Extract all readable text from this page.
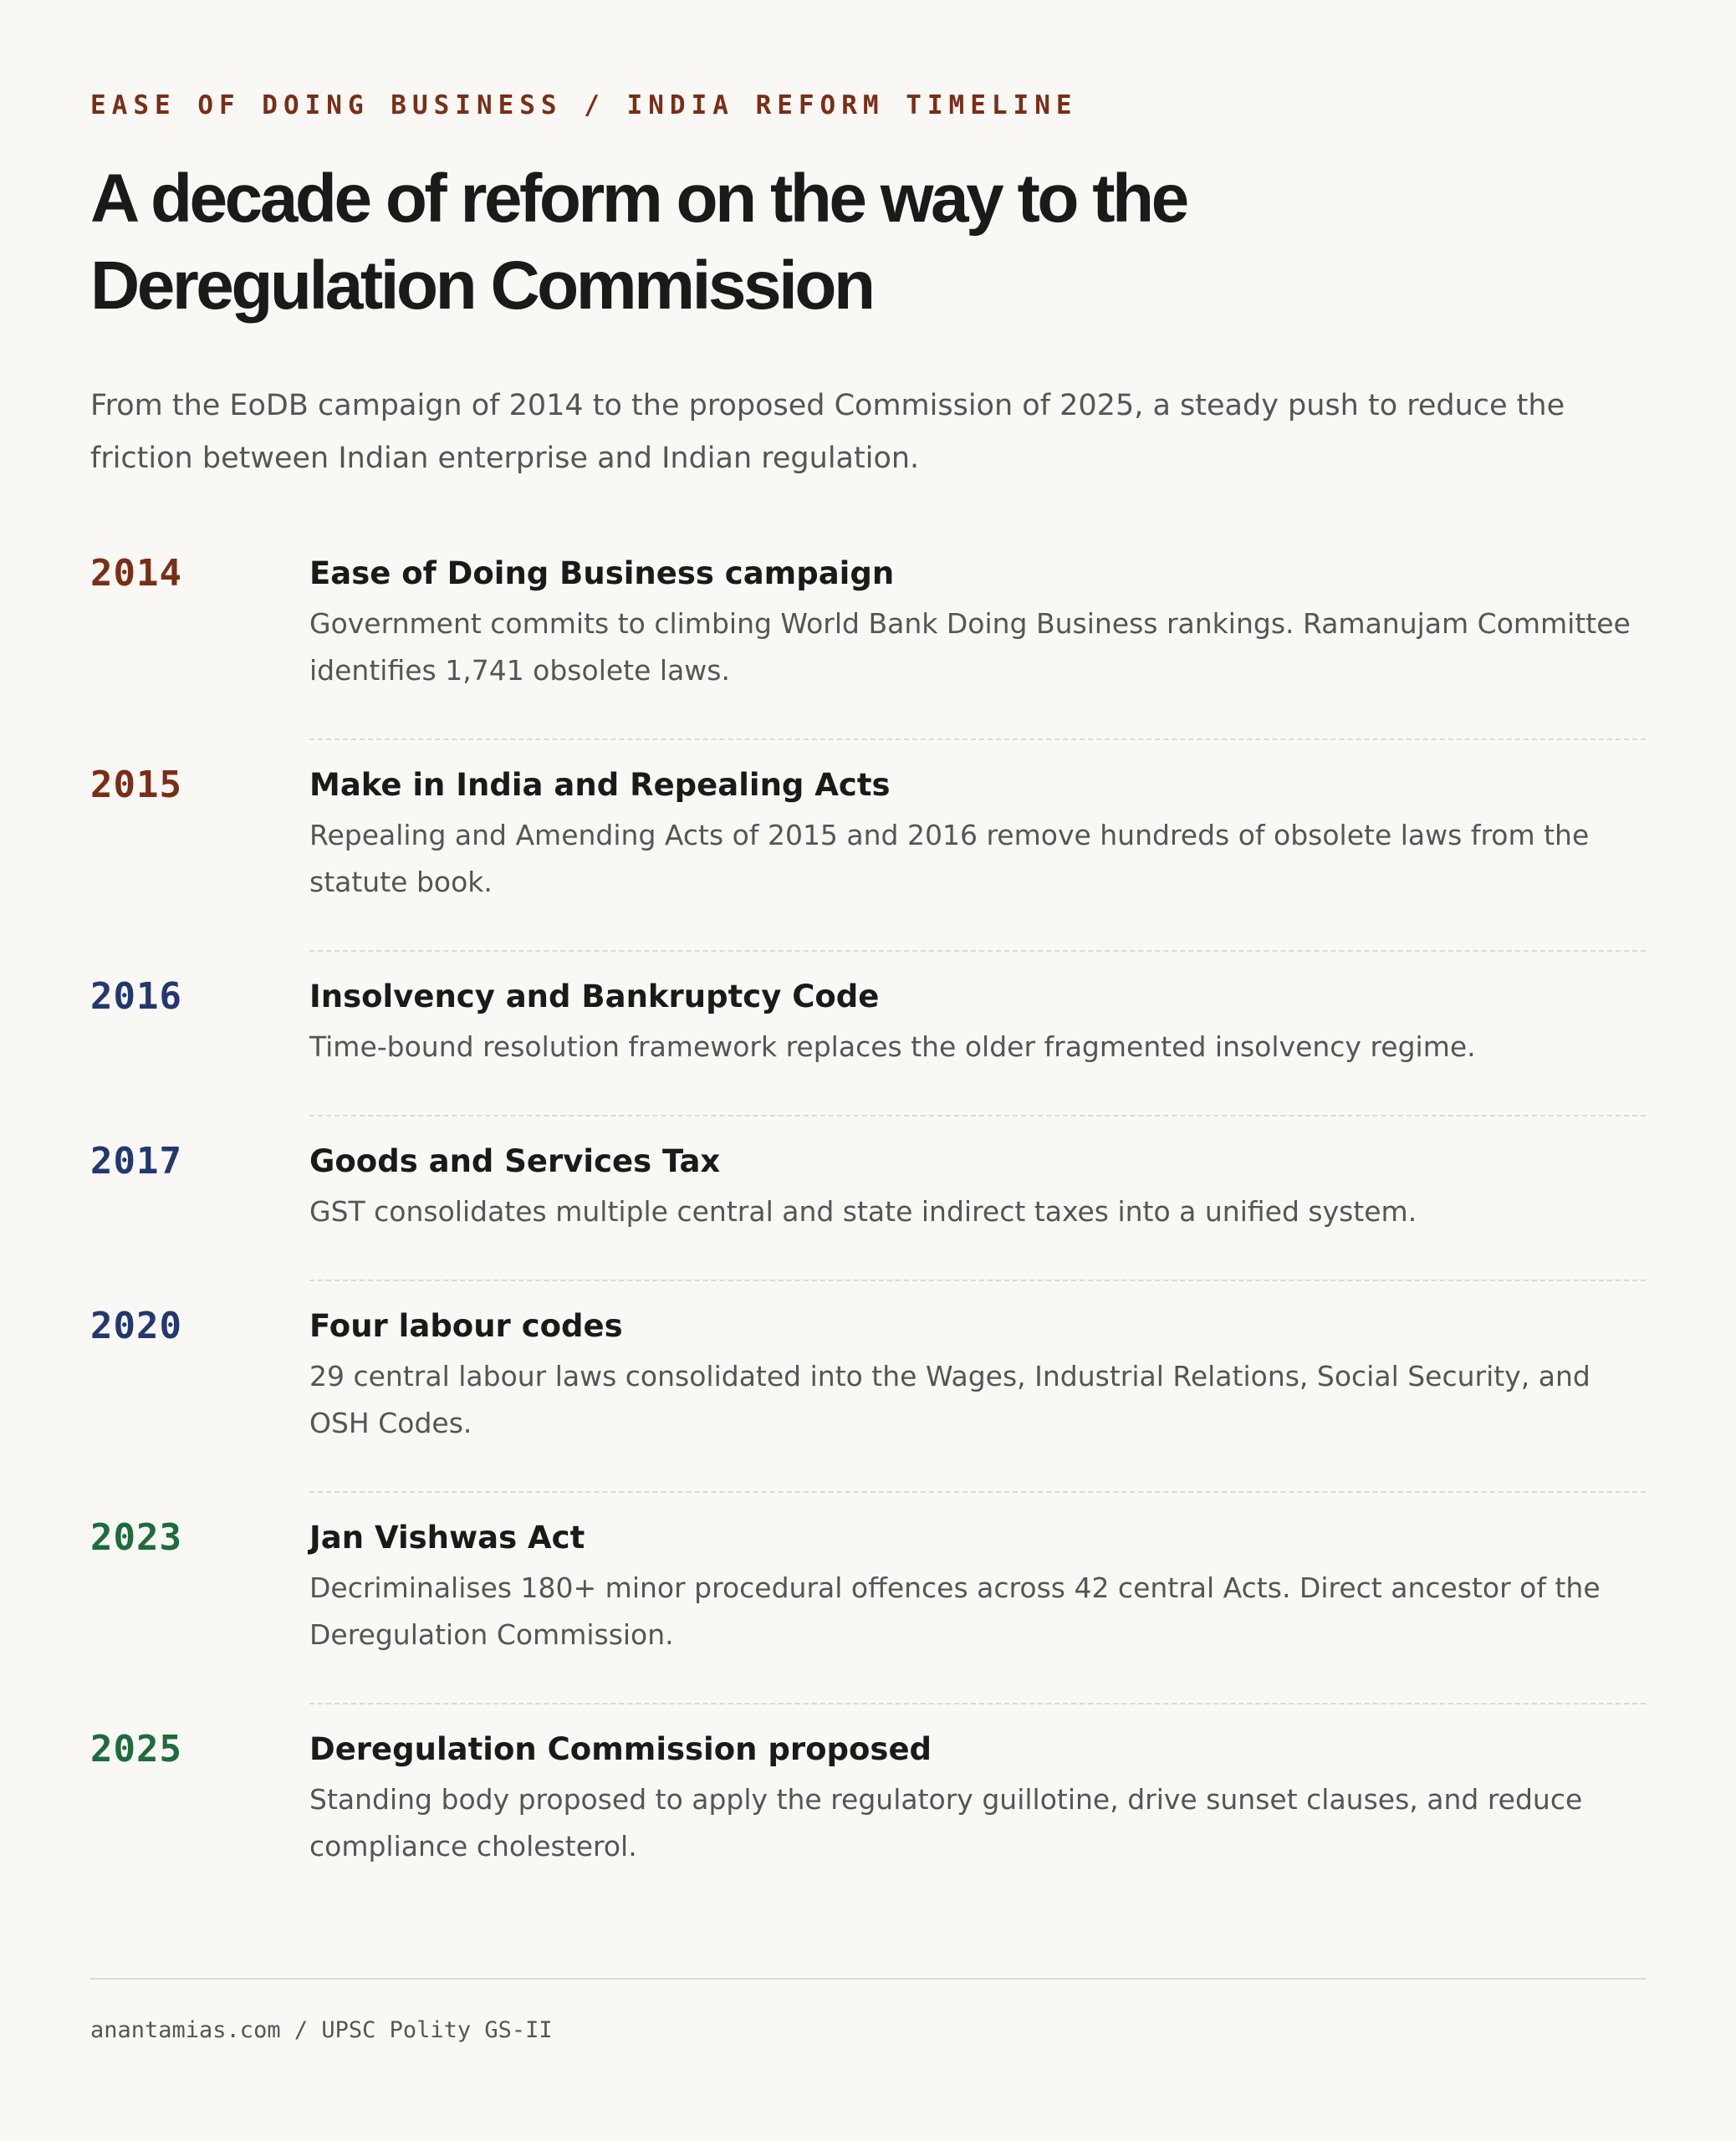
EASE OF DOING BUSINESS / INDIA REFORM TIMELINE
A decade of reform on the way to the Deregulation Commission

From the EoDB campaign of 2014 to the proposed Commission of 2025, a steady push to reduce the friction between Indian enterprise and Indian regulation.

2014	Ease of Doing Business campaign
Government commits to climbing World Bank Doing Business rankings. Ramanujam Committee identifies 1,741 obsolete laws.
2015	Make in India and Repealing Acts
Repealing and Amending Acts of 2015 and 2016 remove hundreds of obsolete laws from the statute book.
2016	Insolvency and Bankruptcy Code
Time-bound resolution framework replaces the older fragmented insolvency regime.
2017	Goods and Services Tax
GST consolidates multiple central and state indirect taxes into a unified system.
2020	Four labour codes
29 central labour laws consolidated into the Wages, Industrial Relations, Social Security, and OSH Codes.
2023	Jan Vishwas Act
Decriminalises 180+ minor procedural offences across 42 central Acts. Direct ancestor of the Deregulation Commission.
2025	Deregulation Commission proposed
Standing body proposed to apply the regulatory guillotine, drive sunset clauses, and reduce compliance cholesterol.
anantamias.com / UPSC Polity GS-II
